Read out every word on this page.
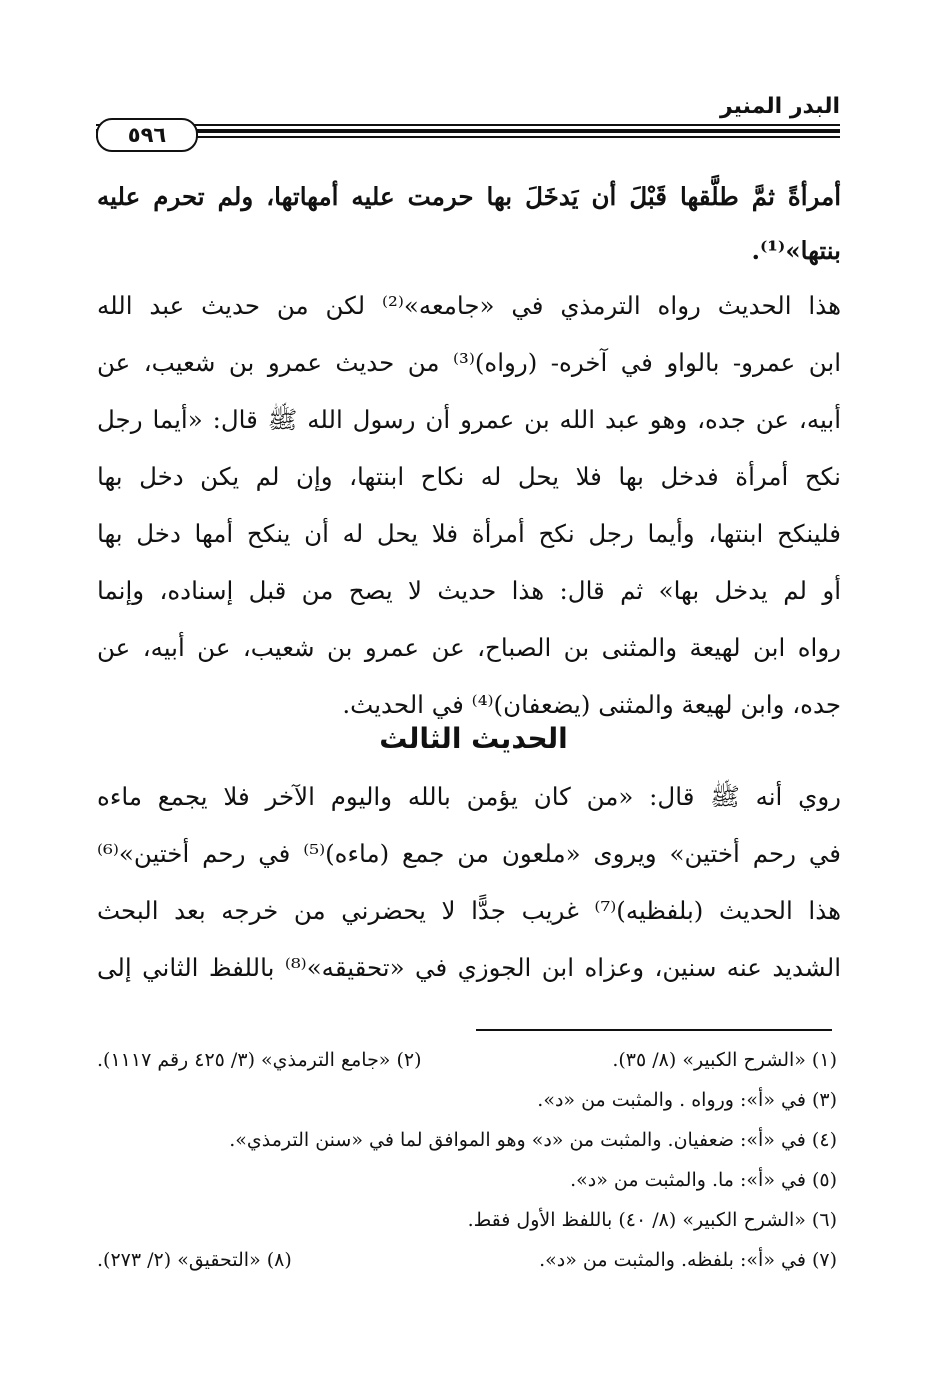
البدر المنير
٥٩٦
أمرأةً ثمَّ طلَّقها قَبْلَ أن يَدخَلَ بها حرمت عليه أمهاتها، ولم تحرم عليه
بنتها»⁽¹⁾.
هذا الحديث رواه الترمذي في «جامعه»⁽²⁾ لكن من حديث عبد الله
ابن عمرو- بالواو في آخره- (رواه)⁽³⁾ من حديث عمرو بن شعيب، عن
أبيه، عن جده، وهو عبد الله بن عمرو أن رسول الله ﷺ قال: «أيما رجل
نكح أمرأة فدخل بها فلا يحل له نكاح ابنتها، وإن لم يكن دخل بها
فلينكح ابنتها، وأيما رجل نكح أمرأة فلا يحل له أن ينكح أمها دخل بها
أو لم يدخل بها» ثم قال: هذا حديث لا يصح من قبل إسناده، وإنما
رواه ابن لهيعة والمثنى بن الصباح، عن عمرو بن شعيب، عن أبيه، عن
جده، وابن لهيعة والمثنى (يضعفان)⁽⁴⁾ في الحديث.
الحديث الثالث
روي أنه ﷺ قال: «من كان يؤمن بالله واليوم الآخر فلا يجمع ماءه
في رحم أختين» ويروى «ملعون من جمع (ماءه)⁽⁵⁾ في رحم أختين»⁽⁶⁾
هذا الحديث (بلفظيه)⁽⁷⁾ غريب جدًّا لا يحضرني من خرجه بعد البحث
الشديد عنه سنين، وعزاه ابن الجوزي في «تحقيقه»⁽⁸⁾ باللفظ الثاني إلى
(١) «الشرح الكبير» (٨/ ٣٥).
(٢) «جامع الترمذي» (٣/ ٤٢٥ رقم ١١١٧).
(٣) في «أ»: ورواه . والمثبت من «د».
(٤) في «أ»: ضعفيان. والمثبت من «د» وهو الموافق لما في «سنن الترمذي».
(٥) في «أ»: ما. والمثبت من «د».
(٦) «الشرح الكبير» (٨/ ٤٠) باللفظ الأول فقط.
(٧) في «أ»: بلفظه. والمثبت من «د».
(٨) «التحقيق» (٢/ ٢٧٣).
